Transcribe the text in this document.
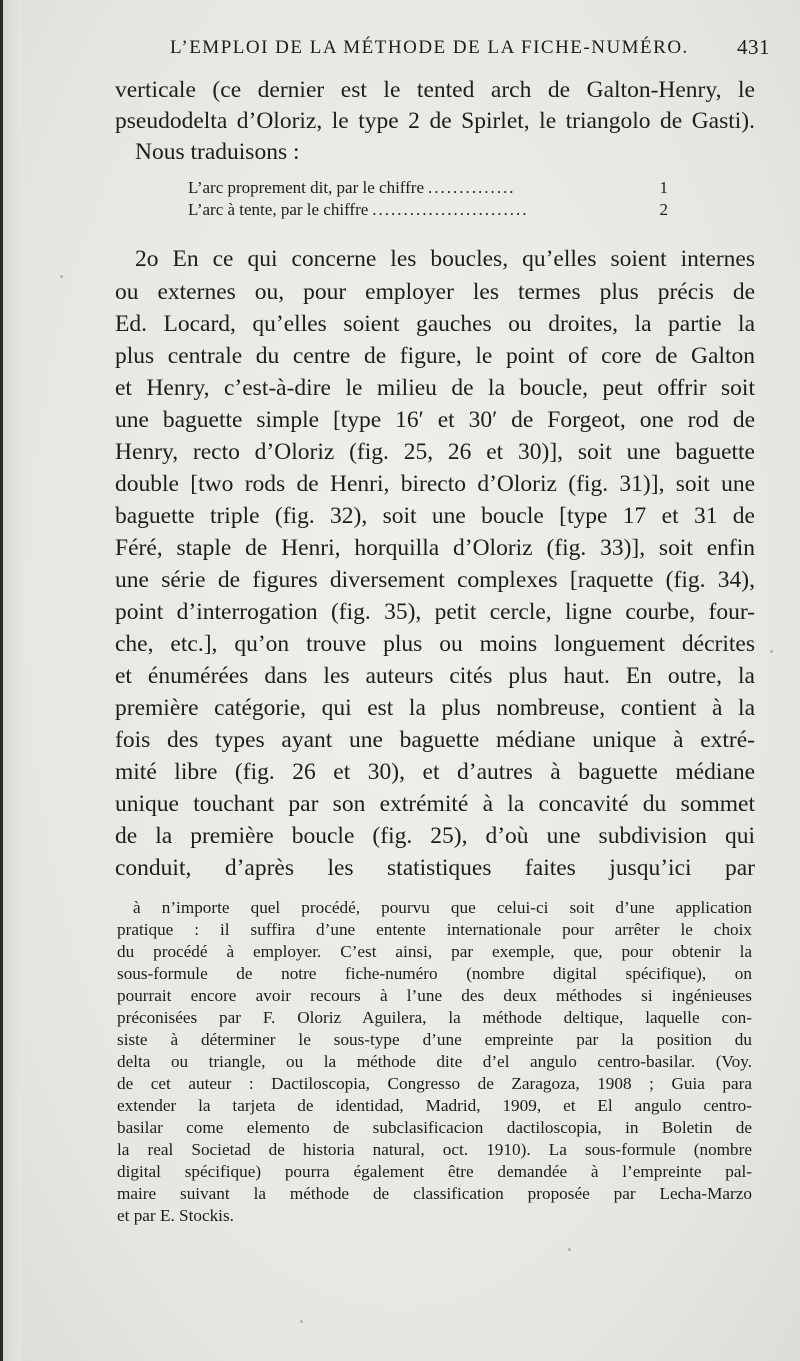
L’EMPLOI DE LA MÉTHODE DE LA FICHE-NUMÉRO. 431
verticale (ce dernier est le tented arch de Galton-Henry, le
pseudodelta d’Oloriz, le type 2 de Spirlet, le triangolo de Gasti).
Nous traduisons :
L’arc proprement dit, par le chiffre ..............	1
L’arc à tente, par le chiffre .........................	2
2o En ce qui concerne les boucles, qu’elles soient internes
ou externes ou, pour employer les termes plus précis de
Ed. Locard, qu’elles soient gauches ou droites, la partie la
plus centrale du centre de figure, le point of core de Galton
et Henry, c’est-à-dire le milieu de la boucle, peut offrir soit
une baguette simple [type 16′ et 30′ de Forgeot, one rod de
Henry, recto d’Oloriz (fig. 25, 26 et 30)], soit une baguette
double [two rods de Henri, birecto d’Oloriz (fig. 31)], soit une
baguette triple (fig. 32), soit une boucle [type 17 et 31 de
Féré, staple de Henri, horquilla d’Oloriz (fig. 33)], soit enfin
une série de figures diversement complexes [raquette (fig. 34),
point d’interrogation (fig. 35), petit cercle, ligne courbe, four-
che, etc.], qu’on trouve plus ou moins longuement décrites
et énumérées dans les auteurs cités plus haut. En outre, la
première catégorie, qui est la plus nombreuse, contient à la
fois des types ayant une baguette médiane unique à extré-
mité libre (fig. 26 et 30), et d’autres à baguette médiane
unique touchant par son extrémité à la concavité du sommet
de la première boucle (fig. 25), d’où une subdivision qui
conduit, d’après les statistiques faites jusqu’ici par
à n’importe quel procédé, pourvu que celui-ci soit d’une application
pratique : il suffira d’une entente internationale pour arrêter le choix
du procédé à employer. C’est ainsi, par exemple, que, pour obtenir la
sous-formule de notre fiche-numéro (nombre digital spécifique), on
pourrait encore avoir recours à l’une des deux méthodes si ingénieuses
préconisées par F. Oloriz Aguilera, la méthode deltique, laquelle con-
siste à déterminer le sous-type d’une empreinte par la position du
delta ou triangle, ou la méthode dite d’el angulo centro-basilar. (Voy.
de cet auteur : Dactiloscopia, Congresso de Zaragoza, 1908 ; Guia para
extender la tarjeta de identidad, Madrid, 1909, et El angulo centro-
basilar come elemento de subclasificacion dactiloscopia, in Boletin de
la real Societad de historia natural, oct. 1910). La sous-formule (nombre
digital spécifique) pourra également être demandée à l’empreinte pal-
maire suivant la méthode de classification proposée par Lecha-Marzo
et par E. Stockis.
